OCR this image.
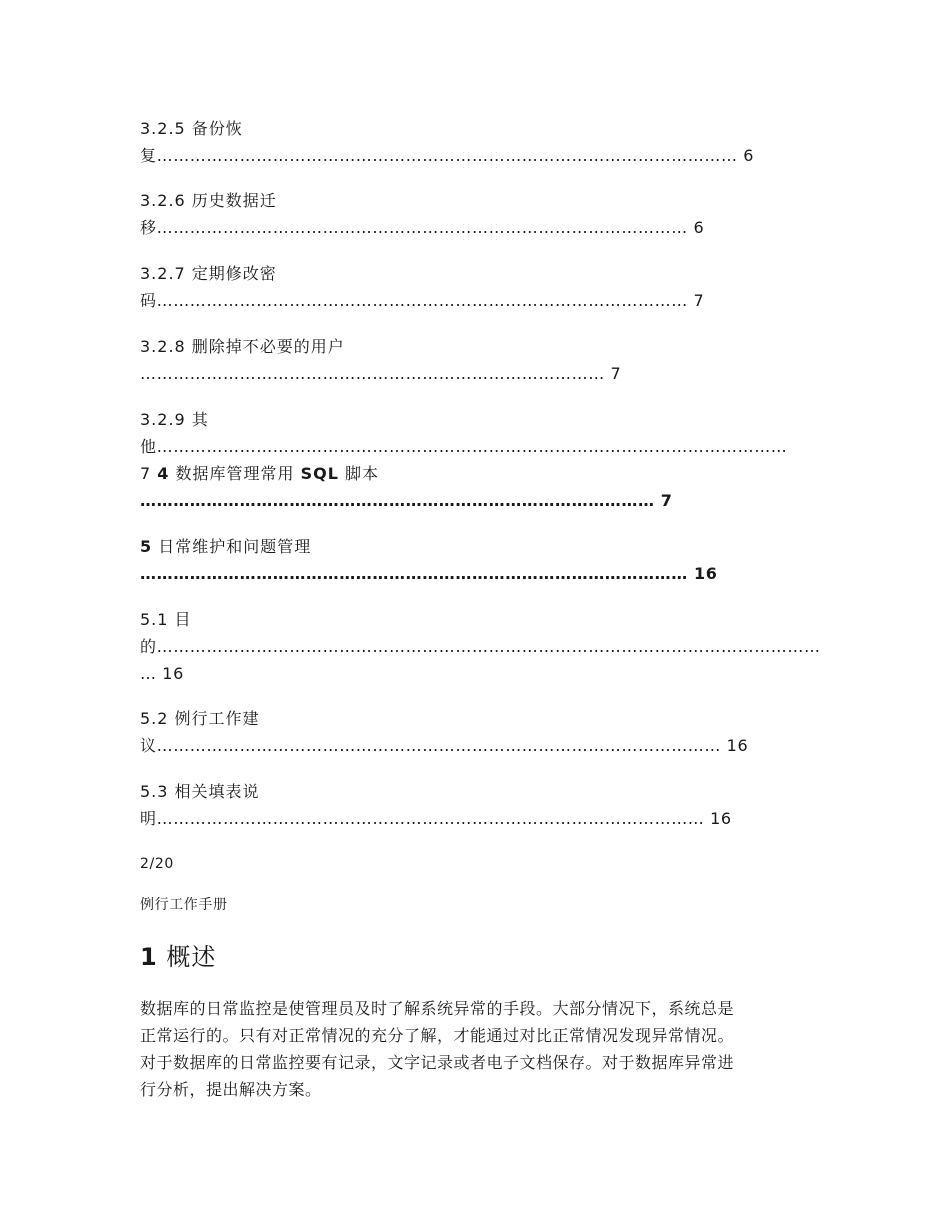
3.2.5 备份恢
复…………………………………………………………………………………………… 6
3.2.6 历史数据迁
移…………………………………………………………………………………… 6
3.2.7 定期修改密
码…………………………………………………………………………………… 7
3.2.8 删除掉不必要的用户
………………………………………………………………………… 7
3.2.9 其
他……………………………………………………………………………………………………
7 4 数据库管理常用 SQL 脚本
………………………………………………………………………………… 7
5 日常维护和问题管理
……………………………………………………………………………………… 16
5.1 目
的…………………………………………………………………………………………………………
… 16
5.2 例行工作建
议………………………………………………………………………………………… 16
5.3 相关填表说
明……………………………………………………………………………………… 16
2/20
例行工作手册
1 概述
数据库的日常监控是使管理员及时了解系统异常的手段。大部分情况下，系统总是
正常运行的。只有对正常情况的充分了解，才能通过对比正常情况发现异常情况。
对于数据库的日常监控要有记录，文字记录或者电子文档保存。对于数据库异常进
行分析，提出解决方案。
